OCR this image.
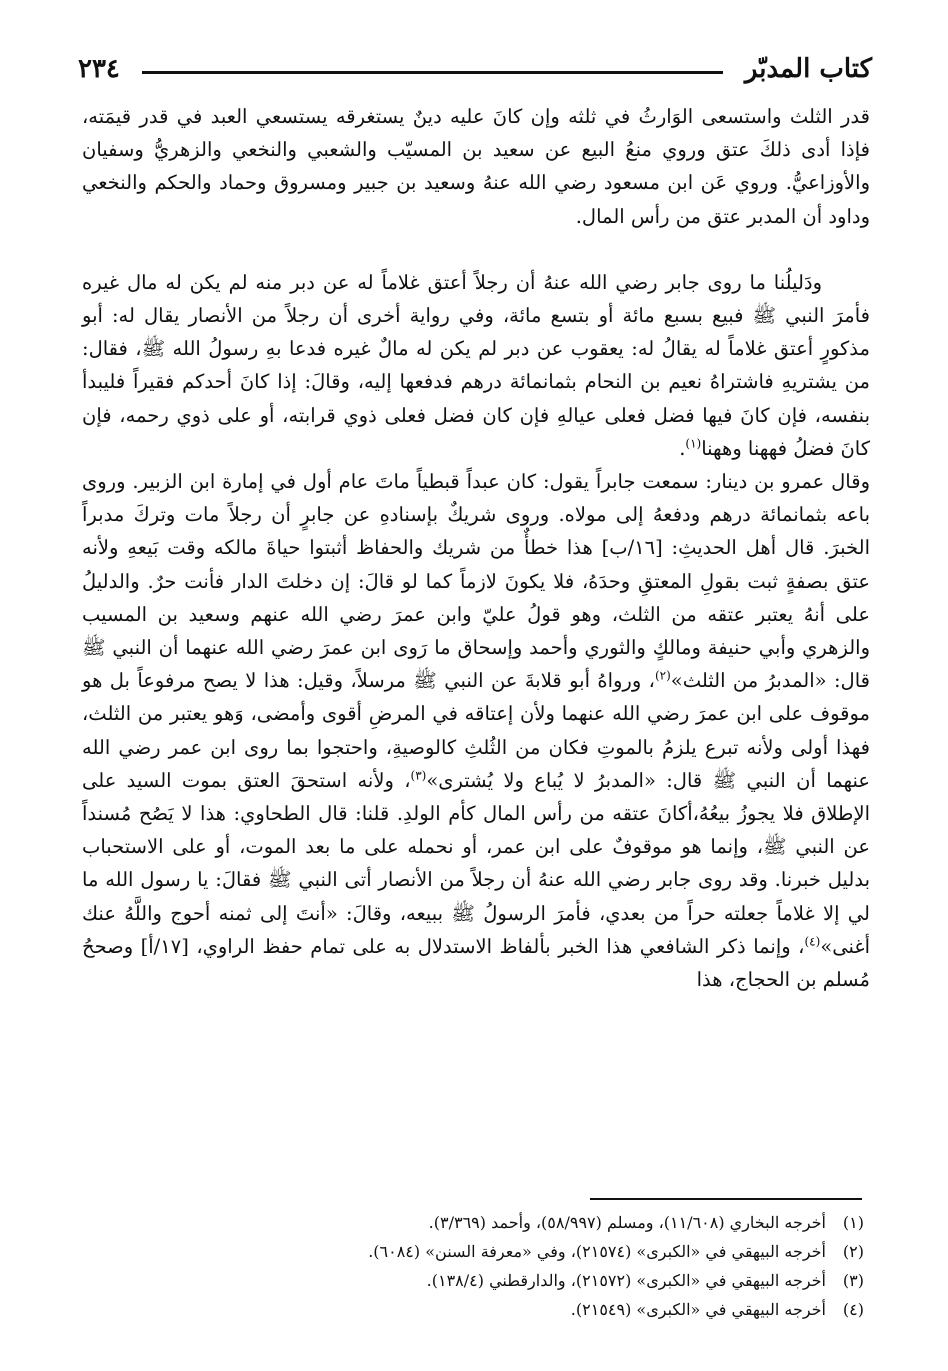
كتاب المدبّر
٢٣٤

قدر الثلث واستسعى الوَارثُ في ثلثه وإن كانَ عليه دينٌ يستغرقه يستسعي العبد في قدر قيمَته، فإذا أدى ذلكَ عتق وروي منعُ البيع عن سعيد بن المسيّب والشعبي والنخعي والزهريُّ وسفيان والأوزاعيُّ. وروي عَن ابن مسعود رضي الله عنهُ وسعيد بن جبير ومسروق وحماد والحكم والنخعي وداود أن المدبر عتق من رأس المال.

ودَليلُنا ما روى جابر رضي الله عنهُ أن رجلاً أعتق غلاماً له عن دبر منه لم يكن له مال غيره فأمرَ النبي ﷺ فبيع بسبع مائة أو بتسع مائة، وفي رواية أخرى أن رجلاً من الأنصار يقال له: أبو مذكورٍ أعتق غلاماً له يقالُ له: يعقوب عن دبر لم يكن له مالٌ غيره فدعا بهِ رسولُ الله ﷺ، فقال: من يشتريهِ فاشتراهُ نعيم بن النحام بثمانمائة درهم فدفعها إليه، وقالَ: إذا كانَ أحدكم فقيراً فليبدأ بنفسه، فإن كانَ فيها فضل فعلى عيالهِ فإن كان فضل فعلى ذوي قرابته، أو على ذوي رحمه، فإن كانَ فضلُ فههنا وههنا$^{(١)}$.

وقال عمرو بن دينار: سمعت جابراً يقول: كان عبداً قبطياً ماتَ عام أول في إمارة ابن الزبير. وروى باعه بثمانمائة درهم ودفعهُ إلى مولاه. وروى شريكٌ بإسنادهِ عن جابرٍ أن رجلاً مات وتركَ مدبراً الخبرَ. قال أهل الحديثِ: [١٦/ب] هذا خطأٌ من شريك والحفاظ أثبتوا حياةَ مالكه وقت بَيعهِ ولأنه عتق بصفةٍ ثبت بقولِ المعتقِ وحدَهُ، فلا يكونَ لازماً كما لو قالَ: إن دخلتَ الدار فأنت حرٌ. والدليلُ على أنهُ يعتبر عتقه من الثلث، وهو قولُ عليّ وابن عمرَ رضي الله عنهم وسعيد بن المسيب والزهري وأبي حنيفة ومالكٍ والثوري وأحمد وإسحاق ما رَوى ابن عمرَ رضي الله عنهما أن النبي ﷺ قال: «المدبرُ من الثلث»$^{(٢)}$، ورواهُ أبو قلابةَ عن النبي ﷺ مرسلاً، وقيل: هذا لا يصح مرفوعاً بل هو موقوف على ابن عمرَ رضي الله عنهما ولأن إعتاقه في المرضِ أقوى وأمضى، وَهو يعتبر من الثلث، فهذا أولى ولأنه تبرع يلزمُ بالموتِ فكان من الثُلثِ كالوصيةِ، واحتجوا بما روى ابن عمر رضي الله عنهما أن النبي ﷺ قال: «المدبرُ لا يُباع ولا يُشترى»$^{(٣)}$، ولأنه استحقَ العتق بموت السيد على الإطلاق فلا يجوزُ بيعُهُ،أكانَ عتقه من رأس المال كأم الولدِ. قلنا: قال الطحاوي: هذا لا يَصُح مُسنداً عن النبي ﷺ، وإنما هو موقوفٌ على ابن عمر، أو نحمله على ما بعد الموت، أو على الاستحباب بدليل خبرنا. وقد روى جابر رضي الله عنهُ أن رجلاً من الأنصار أتى النبي ﷺ فقالَ: يا رسول الله ما لي إلا غلاماً جعلته حراً من بعدي، فأمرَ الرسولُ ﷺ ببيعه، وقالَ: «أنتَ إلى ثمنه أحوج واللَّهُ عنك أغنى»$^{(٤)}$، وإنما ذكر الشافعي هذا الخبر بألفاظ الاستدلال به على تمام حفظ الراوي، [١٧/أ] وصححُ مُسلم بن الحجاج، هذا

(١)أخرجه البخاري (١١/٦٠٨)، ومسلم (٥٨/٩٩٧)، وأحمد (٣/٣٦٩).

(٢)أخرجه البيهقي في «الكبرى» (٢١٥٧٤)، وفي «معرفة السنن» (٦٠٨٤).

(٣)أخرجه البيهقي في «الكبرى» (٢١٥٧٢)، والدارقطني (١٣٨/٤).

(٤)أخرجه البيهقي في «الكبرى» (٢١٥٤٩).
